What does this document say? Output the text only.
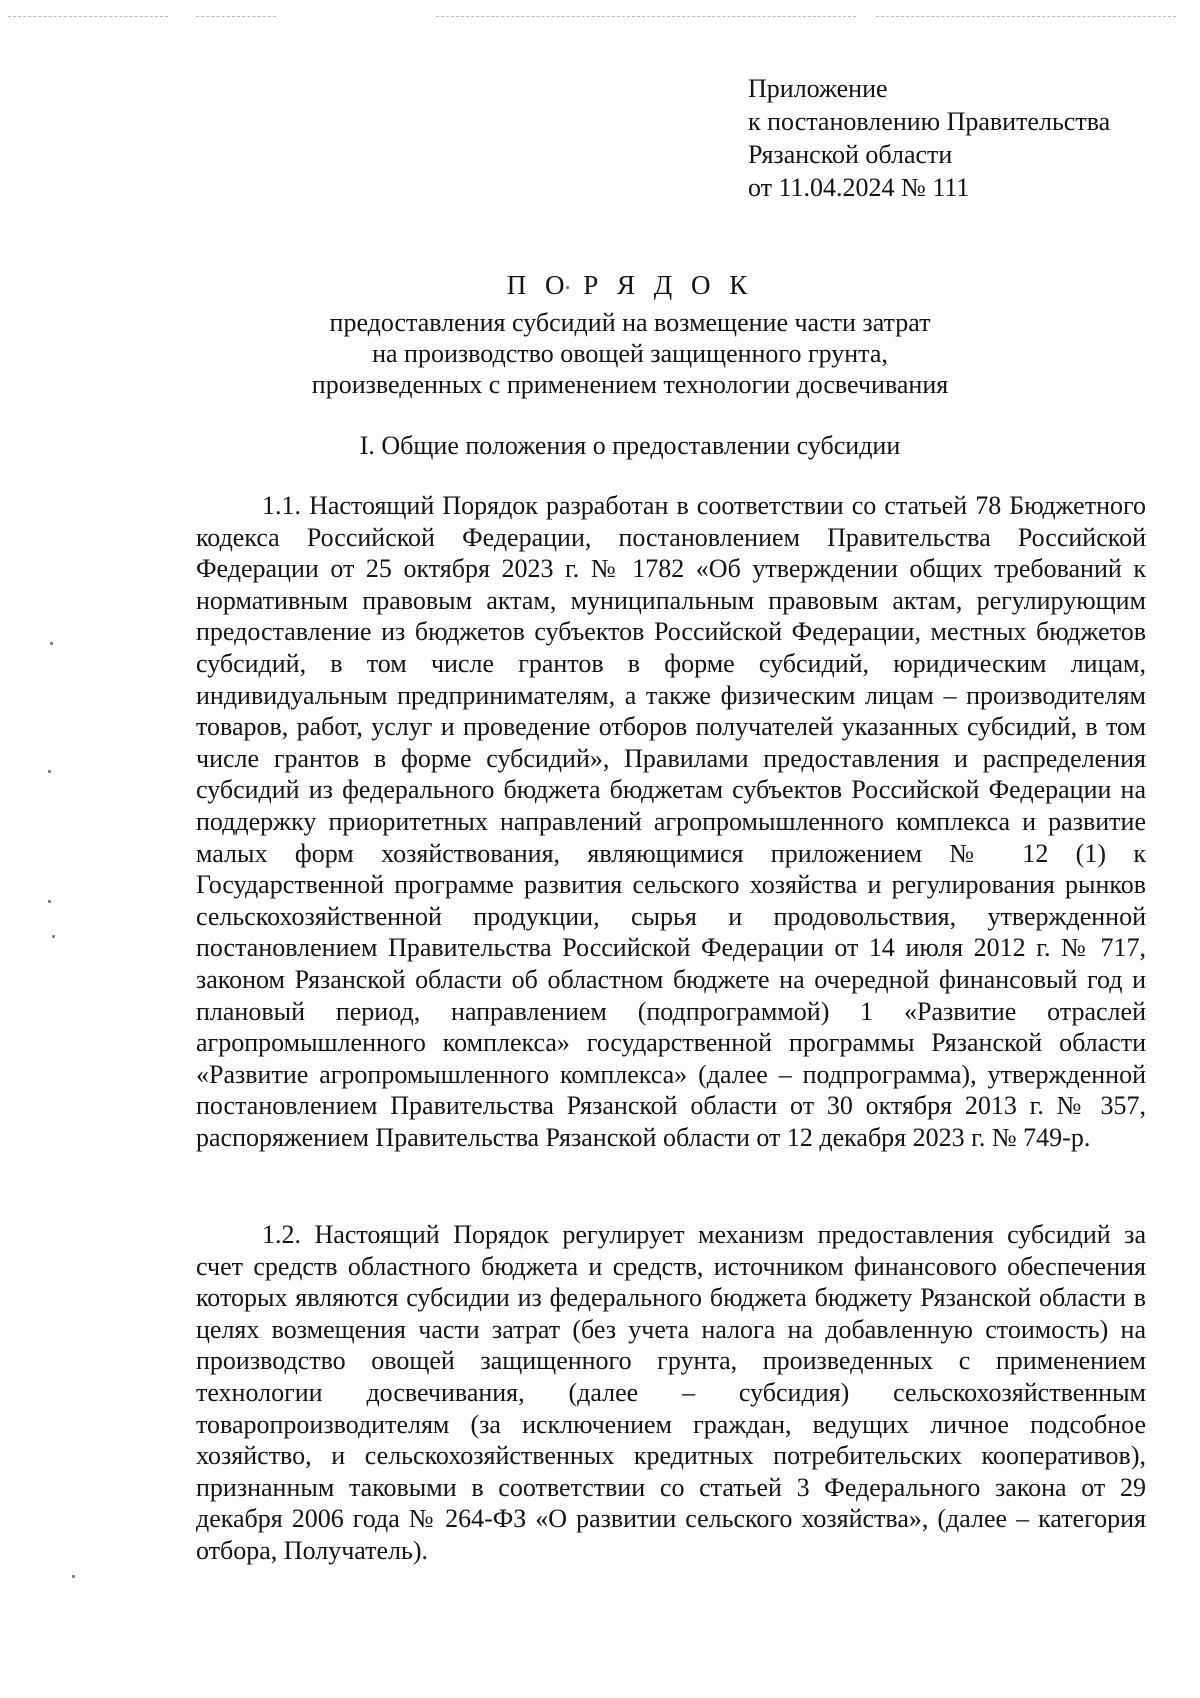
Приложение
к постановлению Правительства
Рязанской области
от 11.04.2024 № 111
П О Р Я Д О К
предоставления субсидий на возмещение части затрат
на производство овощей защищенного грунта,
произведенных с применением технологии досвечивания
I. Общие положения о предоставлении субсидии

1.1. Настоящий Порядок разработан в соответствии со статьей 78 Бюджетного кодекса Российской Федерации, постановлением Правительства Российской Федерации от 25 октября 2023 г. № 1782 «Об утверждении общих требований к нормативным правовым актам, муниципальным правовым актам, регулирующим предоставление из бюджетов субъектов Российской Федерации, местных бюджетов субсидий, в том числе грантов в форме субсидий, юридическим лицам, индивидуальным предпринимателям, а также физическим лицам – производителям товаров, работ, услуг и проведение отборов получателей указанных субсидий, в том числе грантов в форме субсидий», Правилами предоставления и распределения субсидий из федерального бюджета бюджетам субъектов Российской Федерации на поддержку приоритетных направлений агропромышленного комплекса и развитие малых форм хозяйствования, являющимися приложением № 12 (1) к Государственной программе развития сельского хозяйства и регулирования рынков сельскохозяйственной продукции, сырья и продовольствия, утвержденной постановлением Правительства Российской Федерации от 14 июля 2012 г. № 717, законом Рязанской области об областном бюджете на очередной финансовый год и плановый период, направлением (подпрограммой) 1 «Развитие отраслей агропромышленного комплекса» государственной программы Рязанской области «Развитие агропромышленного комплекса» (далее – подпрограмма), утвержденной постановлением Правительства Рязанской области от 30 октября 2013 г. № 357, распоряжением Правительства Рязанской области от 12 декабря 2023 г. № 749-р.

1.2. Настоящий Порядок регулирует механизм предоставления субсидий за счет средств областного бюджета и средств, источником финансового обеспечения которых являются субсидии из федерального бюджета бюджету Рязанской области в целях возмещения части затрат (без учета налога на добавленную стоимость) на производство овощей защищенного грунта, произведенных с применением технологии досвечивания, (далее – субсидия) сельскохозяйственным товаропроизводителям (за исключением граждан, ведущих личное подсобное хозяйство, и сельскохозяйственных кредитных потребительских кооперативов), признанным таковыми в соответствии со статьей 3 Федерального закона от 29 декабря 2006 года № 264-ФЗ «О развитии сельского хозяйства», (далее – категория отбора, Получатель).
